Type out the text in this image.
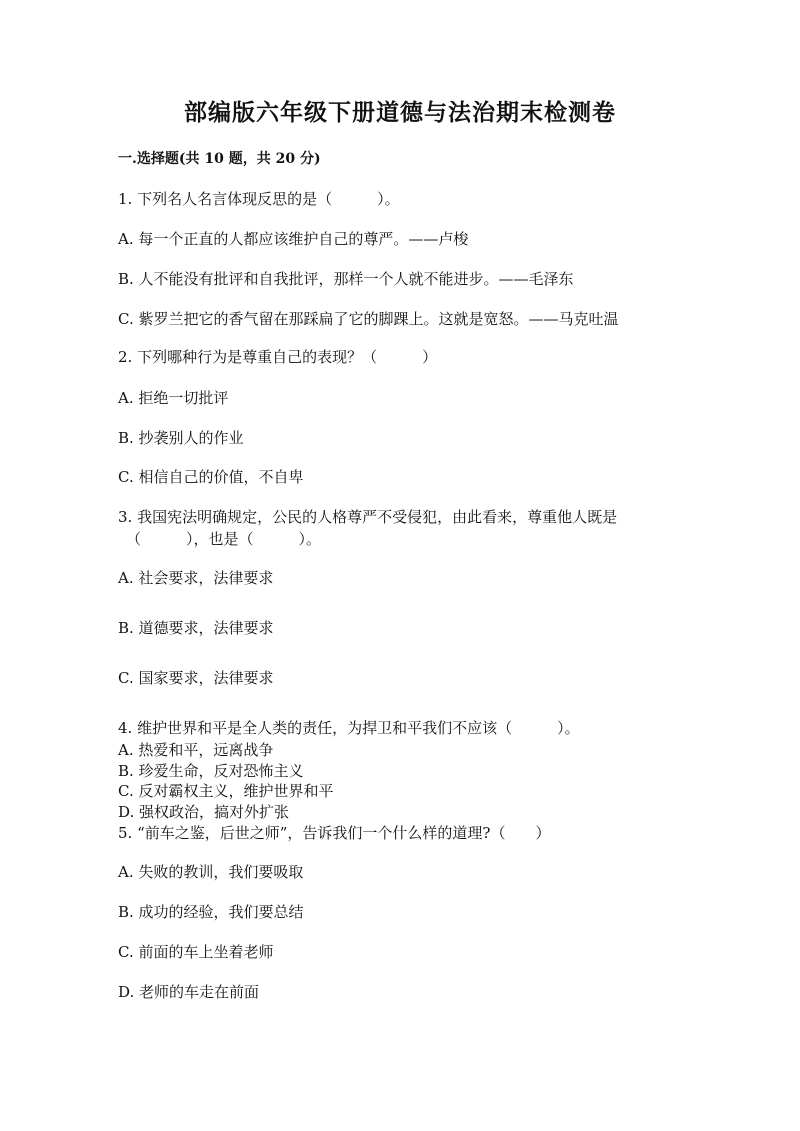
部编版六年级下册道德与法治期末检测卷
一.选择题(共 10 题，共 20 分)
1. 下列名人名言体现反思的是（　　　）。
A. 每一个正直的人都应该维护自己的尊严。——卢梭
B. 人不能没有批评和自我批评，那样一个人就不能进步。——毛泽东
C. 紫罗兰把它的香气留在那踩扁了它的脚踝上。这就是宽怒。——马克吐温
2. 下列哪种行为是尊重自己的表现？（　　　）
A. 拒绝一切批评
B. 抄袭别人的作业
C. 相信自己的价值，不自卑
3. 我国宪法明确规定，公民的人格尊严不受侵犯，由此看来，尊重他人既是
（　　　），也是（　　　）。
A. 社会要求，法律要求
B. 道德要求，法律要求
C. 国家要求，法律要求
4. 维护世界和平是全人类的责任，为捍卫和平我们不应该（　　　）。
A. 热爱和平，远离战争
B. 珍爱生命，反对恐怖主义
C. 反对霸权主义，维护世界和平
D. 强权政治，搞对外扩张
5. “前车之鉴，后世之师”，告诉我们一个什么样的道理?（　　）
A. 失败的教训，我们要吸取
B. 成功的经验，我们要总结
C. 前面的车上坐着老师
D. 老师的车走在前面
